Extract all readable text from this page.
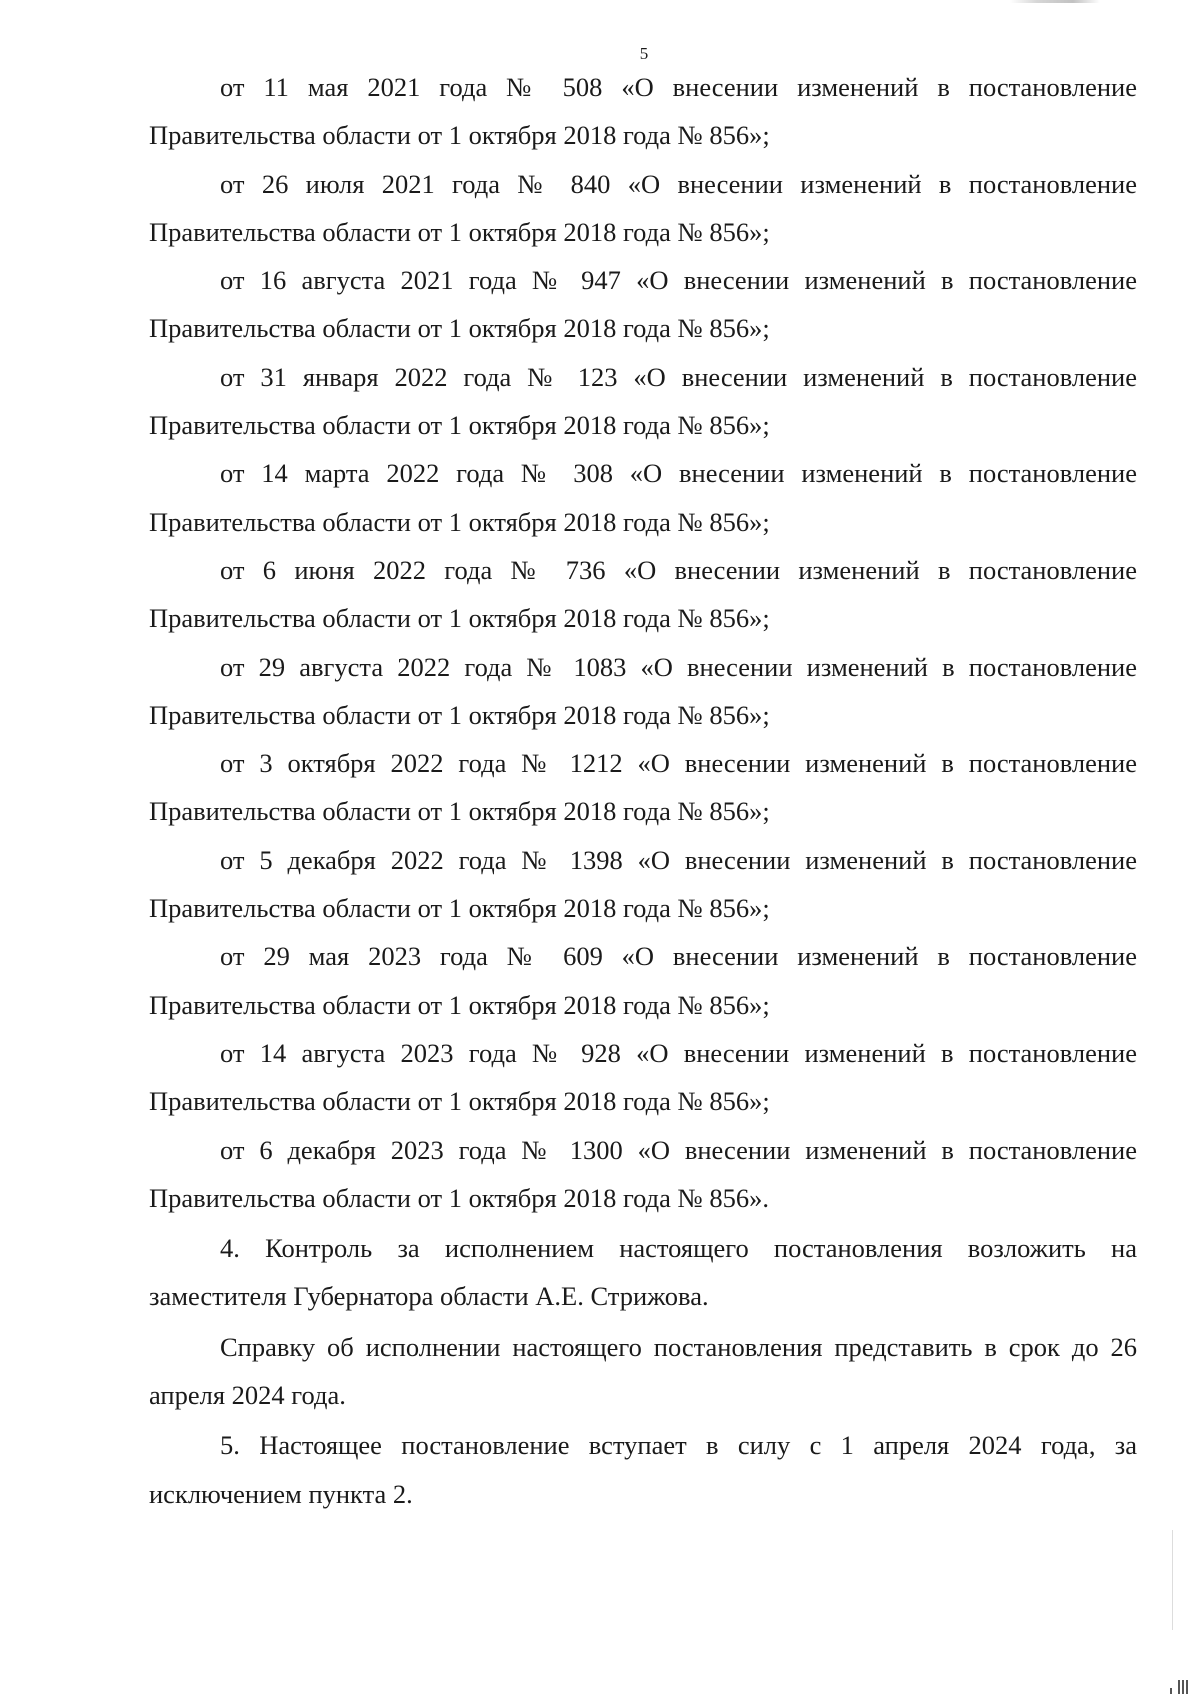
5

от 11 мая 2021 года № 508 «О внесении изменений в постановление Правительства области от 1 октября 2018 года № 856»;

от 26 июля 2021 года № 840 «О внесении изменений в постановление Правительства области от 1 октября 2018 года № 856»;

от 16 августа 2021 года № 947 «О внесении изменений в постановление Правительства области от 1 октября 2018 года № 856»;

от 31 января 2022 года № 123 «О внесении изменений в постановление Правительства области от 1 октября 2018 года № 856»;

от 14 марта 2022 года № 308 «О внесении изменений в постановление Правительства области от 1 октября 2018 года № 856»;

от 6 июня 2022 года № 736 «О внесении изменений в постановление Правительства области от 1 октября 2018 года № 856»;

от 29 августа 2022 года № 1083 «О внесении изменений в постановление Правительства области от 1 октября 2018 года № 856»;

от 3 октября 2022 года № 1212 «О внесении изменений в постановление Правительства области от 1 октября 2018 года № 856»;

от 5 декабря 2022 года № 1398 «О внесении изменений в постановление Правительства области от 1 октября 2018 года № 856»;

от 29 мая 2023 года № 609 «О внесении изменений в постановление Правительства области от 1 октября 2018 года № 856»;

от 14 августа 2023 года № 928 «О внесении изменений в постановление Правительства области от 1 октября 2018 года № 856»;

от 6 декабря 2023 года № 1300 «О внесении изменений в постановление Правительства области от 1 октября 2018 года № 856».

4. Контроль за исполнением настоящего постановления возложить на заместителя Губернатора области А.Е. Стрижова.

Справку об исполнении настоящего постановления представить в срок до 26 апреля 2024 года.

5. Настоящее постановление вступает в силу с 1 апреля 2024 года, за исключением пункта 2.
